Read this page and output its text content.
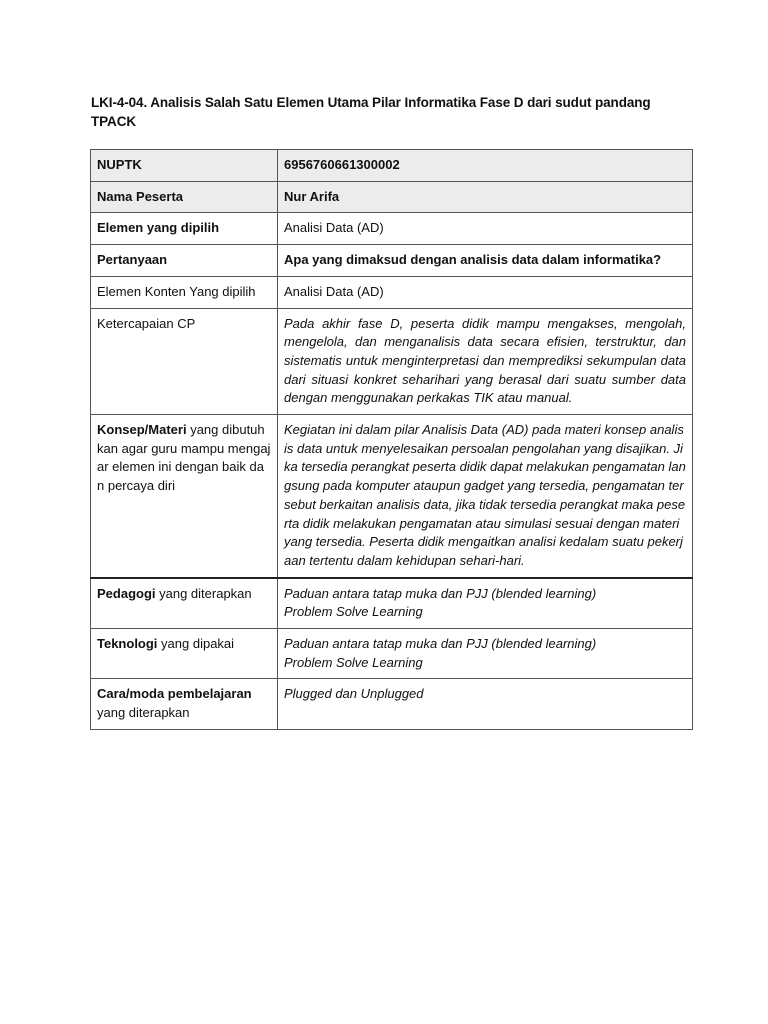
LKI-4-04. Analisis Salah Satu Elemen Utama Pilar Informatika Fase D dari sudut pandang TPACK
NUPTK	6956760661300002
Nama Peserta	Nur Arifa
Elemen yang dipilih	Analisi Data (AD)
Pertanyaan	Apa yang dimaksud dengan analisis data dalam informatika?
Elemen Konten Yang dipilih	Analisi Data (AD)
Ketercapaian CP	Pada akhir fase D, peserta didik mampu mengakses, mengolah, mengelola, dan menganalisis data secara efisien, terstruktur, dan sistematis untuk menginterpretasi dan memprediksi sekumpulan data dari situasi konkret seharihari yang berasal dari suatu sumber data dengan menggunakan perkakas TIK atau manual.
Konsep/Materi yang dibutuhkan agar guru mampu mengajar elemen ini dengan baik dan percaya diri	Kegiatan ini dalam pilar Analisis Data (AD) pada materi konsep analisis data untuk menyelesaikan persoalan pengolahan yang disajikan. Jika tersedia perangkat peserta didik dapat melakukan pengamatan langsung pada komputer ataupun gadget yang tersedia, pengamatan tersebut berkaitan analisis data, jika tidak tersedia perangkat maka peserta didik melakukan pengamatan atau simulasi sesuai dengan materi yang tersedia. Peserta didik mengaitkan analisi kedalam suatu pekerjaan tertentu dalam kehidupan sehari-hari.
Pedagogi yang diterapkan	Paduan antara tatap muka dan PJJ (blended learning)
Problem Solve Learning

Teknologi yang dipakai	Paduan antara tatap muka dan PJJ (blended learning)
Problem Solve Learning

Cara/moda pembelajaran yang diterapkan	Plugged dan Unplugged
